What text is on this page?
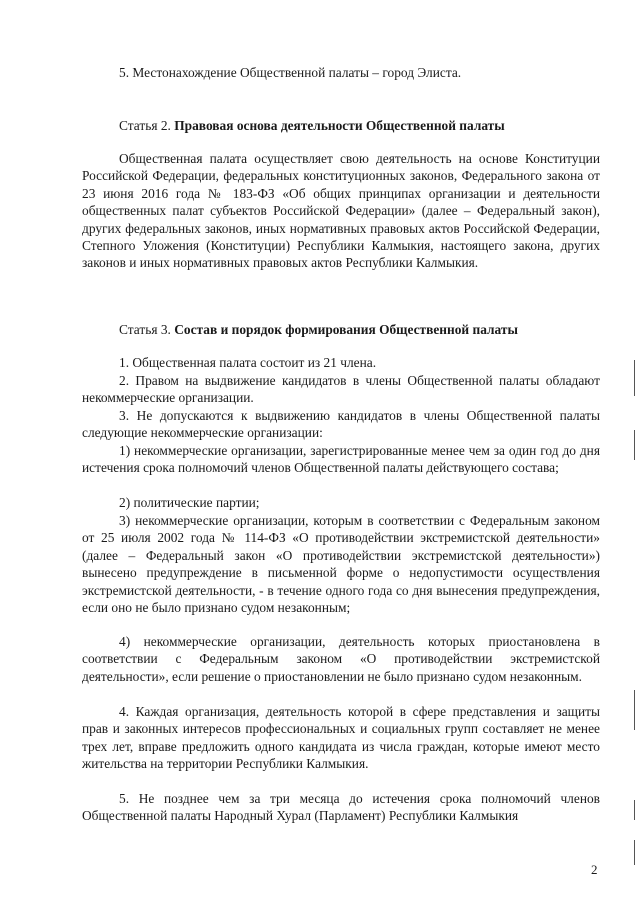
5. Местонахождение Общественной палаты – город Элиста.

Статья 2. Правовая основа деятельности Общественной палаты

Общественная палата осуществляет свою деятельность на основе Конституции Российской Федерации, федеральных конституционных законов, Федерального закона от 23 июня 2016 года № 183-ФЗ «Об общих принципах организации и деятельности общественных палат субъектов Российской Федерации» (далее – Федеральный закон), других федеральных законов, иных нормативных правовых актов Российской Федерации, Степного Уложения (Конституции) Республики Калмыкия, настоящего закона, других законов и иных нормативных правовых актов Республики Калмыкия.

Статья 3. Состав и порядок формирования Общественной палаты

1. Общественная палата состоит из 21 члена.

2. Правом на выдвижение кандидатов в члены Общественной палаты обладают некоммерческие организации.

3. Не допускаются к выдвижению кандидатов в члены Общественной палаты следующие некоммерческие организации:

1) некоммерческие организации, зарегистрированные менее чем за один год до дня истечения срока полномочий членов Общественной палаты действующего состава;

2) политические партии;

3) некоммерческие организации, которым в соответствии с Федеральным законом от 25 июля 2002 года № 114-ФЗ «О противодействии экстремистской деятельности» (далее – Федеральный закон «О противодействии экстремистской деятельности») вынесено предупреждение в письменной форме о недопустимости осуществления экстремистской деятельности, - в течение одного года со дня вынесения предупреждения, если оно не было признано судом незаконным;

4) некоммерческие организации, деятельность которых приостановлена в соответствии с Федеральным законом «О противодействии экстремистской деятельности», если решение о приостановлении не было признано судом незаконным.

4. Каждая организация, деятельность которой в сфере представления и защиты прав и законных интересов профессиональных и социальных групп составляет не менее трех лет, вправе предложить одного кандидата из числа граждан, которые имеют место жительства на территории Республики Калмыкия.

5. Не позднее чем за три месяца до истечения срока полномочий членов Общественной палаты Народный Хурал (Парламент) Республики Калмыкия

2
